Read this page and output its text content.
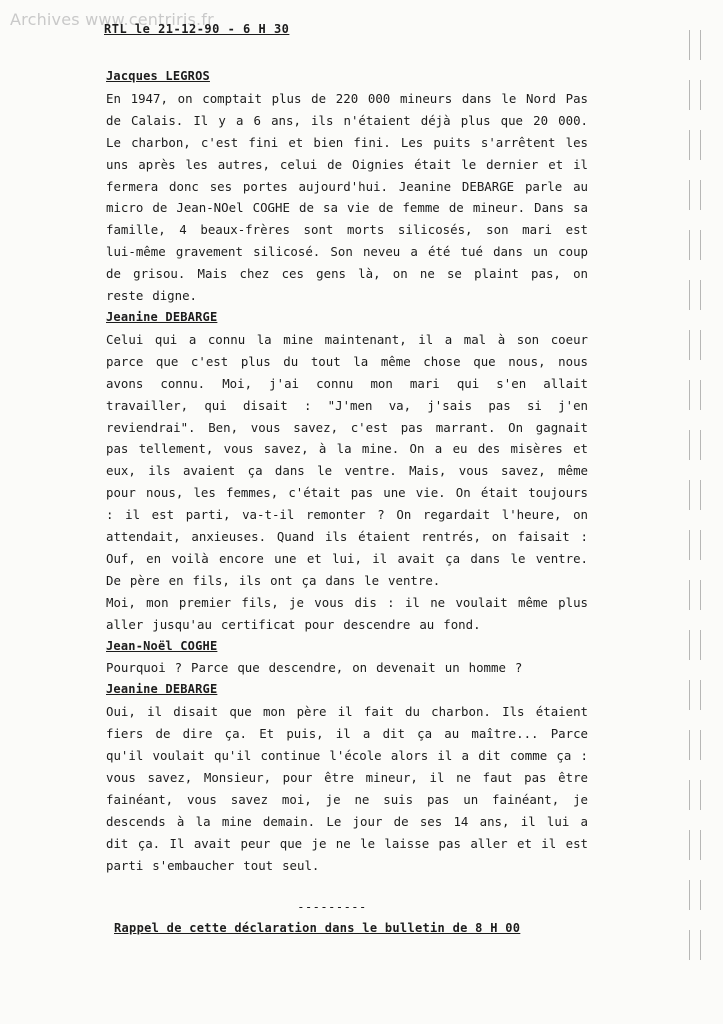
Archives www.centriris.fr
RTL le 21-12-90 - 6 H 30
Jacques LEGROS

En 1947, on comptait plus de 220 000 mineurs dans le Nord Pas de Calais. Il y a 6 ans, ils n'étaient déjà plus que 20 000. Le charbon, c'est fini et bien fini. Les puits s'arrêtent les uns après les autres, celui de Oignies était le dernier et il fermera donc ses portes aujourd'hui. Jeanine DEBARGE parle au micro de Jean-NOel COGHE de sa vie de femme de mineur. Dans sa famille, 4 beaux-frères sont morts silicosés, son mari est lui-même gravement silicosé. Son neveu a été tué dans un coup de grisou. Mais chez ces gens là, on ne se plaint pas, on reste digne.

Jeanine DEBARGE

Celui qui a connu la mine maintenant, il a mal à son coeur parce que c'est plus du tout la même chose que nous, nous avons connu. Moi, j'ai connu mon mari qui s'en allait travailler, qui disait : "J'men va, j'sais pas si j'en reviendrai". Ben, vous savez, c'est pas marrant. On gagnait pas tellement, vous savez, à la mine. On a eu des misères et eux, ils avaient ça dans le ventre. Mais, vous savez, même pour nous, les femmes, c'était pas une vie. On était toujours : il est parti, va-t-il remonter ? On regardait l'heure, on attendait, anxieuses. Quand ils étaient rentrés, on faisait : Ouf, en voilà encore une et lui, il avait ça dans le ventre. De père en fils, ils ont ça dans le ventre.

Moi, mon premier fils, je vous dis : il ne voulait même plus aller jusqu'au certificat pour descendre au fond.

Jean-Noël COGHE

Pourquoi ? Parce que descendre, on devenait un homme ?

Jeanine DEBARGE

Oui, il disait que mon père il fait du charbon. Ils étaient fiers de dire ça. Et puis, il a dit ça au maître... Parce qu'il voulait qu'il continue l'école alors il a dit comme ça : vous savez, Monsieur, pour être mineur, il ne faut pas être fainéant, vous savez moi, je ne suis pas un fainéant, je descends à la mine demain. Le jour de ses 14 ans, il lui a dit ça. Il avait peur que je ne le laisse pas aller et il est parti s'embaucher tout seul.

---------
Rappel de cette déclaration dans le bulletin de 8 H 00
